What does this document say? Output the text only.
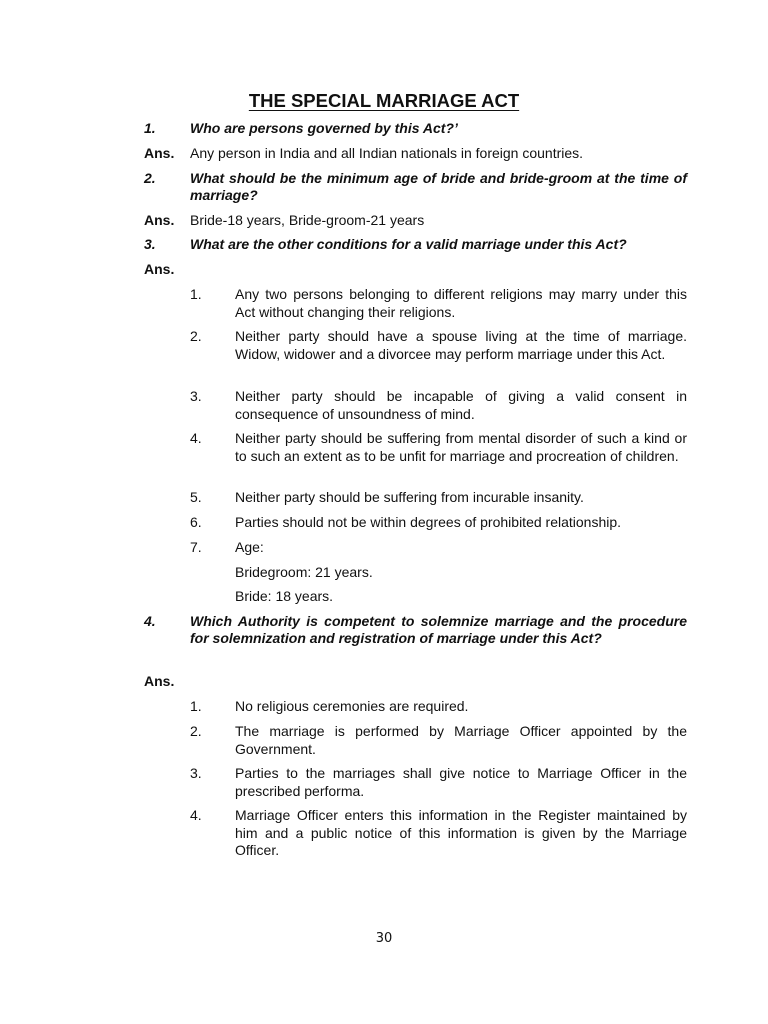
THE SPECIAL MARRIAGE ACT
1. Who are persons governed by this Act?’
Ans. Any person in India and all Indian nationals in foreign countries.
2. What should be the minimum age of bride and bride-groom at the time of marriage?
Ans. Bride-18 years, Bride-groom-21 years
3. What are the other conditions for a valid marriage under this Act?
Ans.
1. Any two persons belonging to different religions may marry under this Act without changing their religions.
2. Neither party should have a spouse living at the time of marriage. Widow, widower and a divorcee may perform marriage under this Act.
3. Neither party should be incapable of giving a valid consent in consequence of unsoundness of mind.
4. Neither party should be suffering from mental disorder of such a kind or to such an extent as to be unfit for marriage and procreation of children.
5. Neither party should be suffering from incurable insanity.
6. Parties should not be within degrees of prohibited relationship.
7. Age:
Bridegroom: 21 years.
Bride: 18 years.
4. Which Authority is competent to solemnize marriage and the procedure for solemnization and registration of marriage under this Act?
Ans.
1. No religious ceremonies are required.
2. The marriage is performed by Marriage Officer appointed by the Government.
3. Parties to the marriages shall give notice to Marriage Officer in the prescribed performa.
4. Marriage Officer enters this information in the Register maintained by him and a public notice of this information is given by the Marriage Officer.
30
